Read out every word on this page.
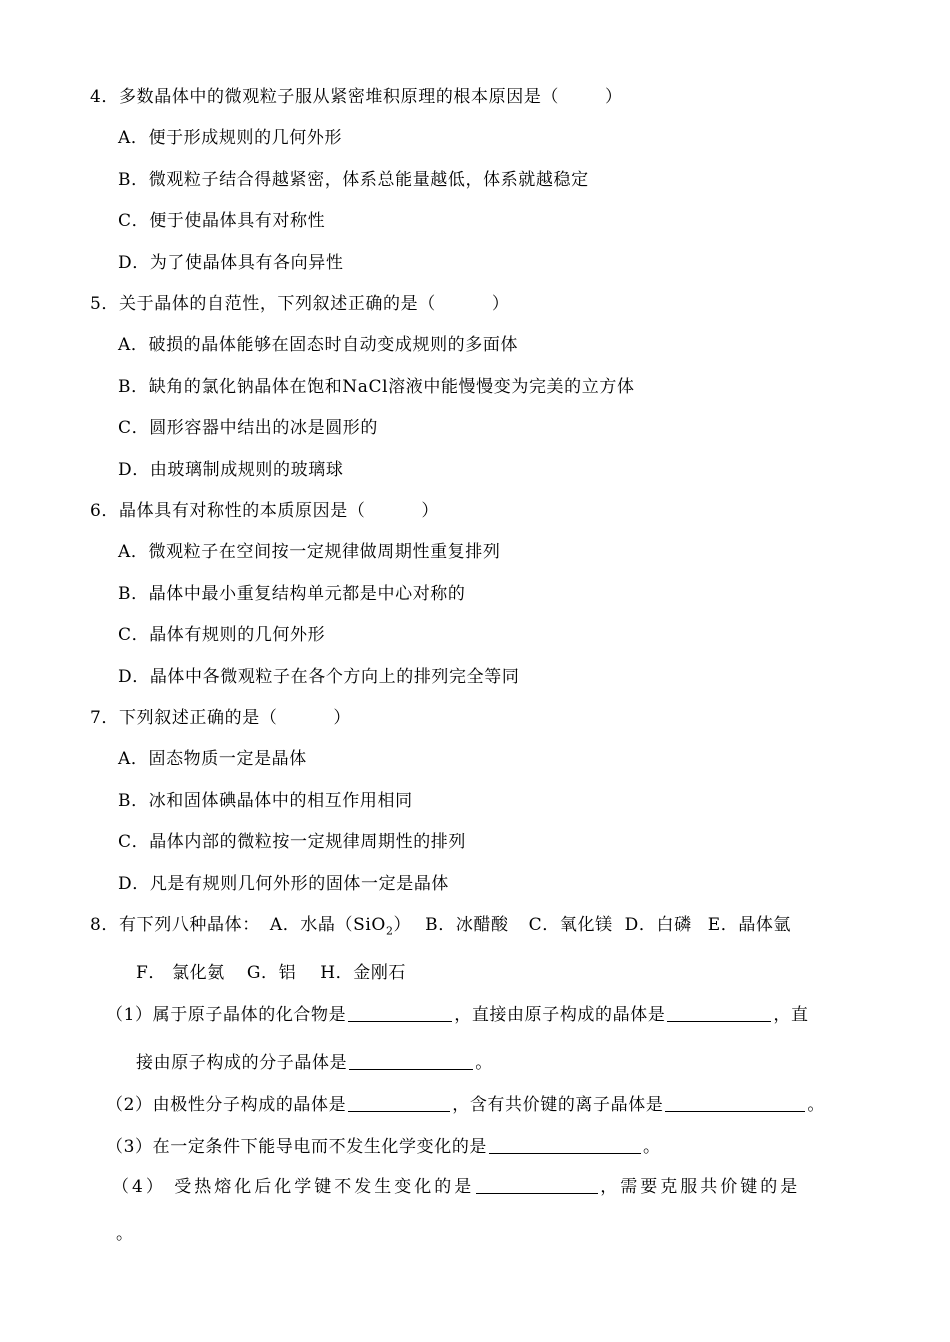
4．多数晶体中的微观粒子服从紧密堆积原理的根本原因是（	）
A．便于形成规则的几何外形
B．微观粒子结合得越紧密，体系总能量越低，体系就越稳定
C．便于使晶体具有对称性
D．为了使晶体具有各向异性
5．关于晶体的自范性，下列叙述正确的是（	）
A．破损的晶体能够在固态时自动变成规则的多面体
B．缺角的氯化钠晶体在饱和NaCl溶液中能慢慢变为完美的立方体
C．圆形容器中结出的冰是圆形的
D．由玻璃制成规则的玻璃球
6．晶体具有对称性的本质原因是（	）
A．微观粒子在空间按一定规律做周期性重复排列
B．晶体中最小重复结构单元都是中心对称的
C．晶体有规则的几何外形
D．晶体中各微观粒子在各个方向上的排列完全等同
7．下列叙述正确的是（	）
A．固态物质一定是晶体
B．冰和固体碘晶体中的相互作用相同
C．晶体内部的微粒按一定规律周期性的排列
D．凡是有规则几何外形的固体一定是晶体
8．有下列八种晶体： A．水晶（SiO$_2$） B．冰醋酸 C．氧化镁 D．白磷 E．晶体氩
F． 氯化氨 G．铝 H．金刚石
（1）属于原子晶体的化合物是	，直接由原子构成的晶体是	，直
接由原子构成的分子晶体是	。
（2）由极性分子构成的晶体是	，含有共价键的离子晶体是	。
（3）在一定条件下能导电而不发生化学变化的是	。
（4） 受热熔化后化学键不发生变化的是	，需要克服共价键的是
。
